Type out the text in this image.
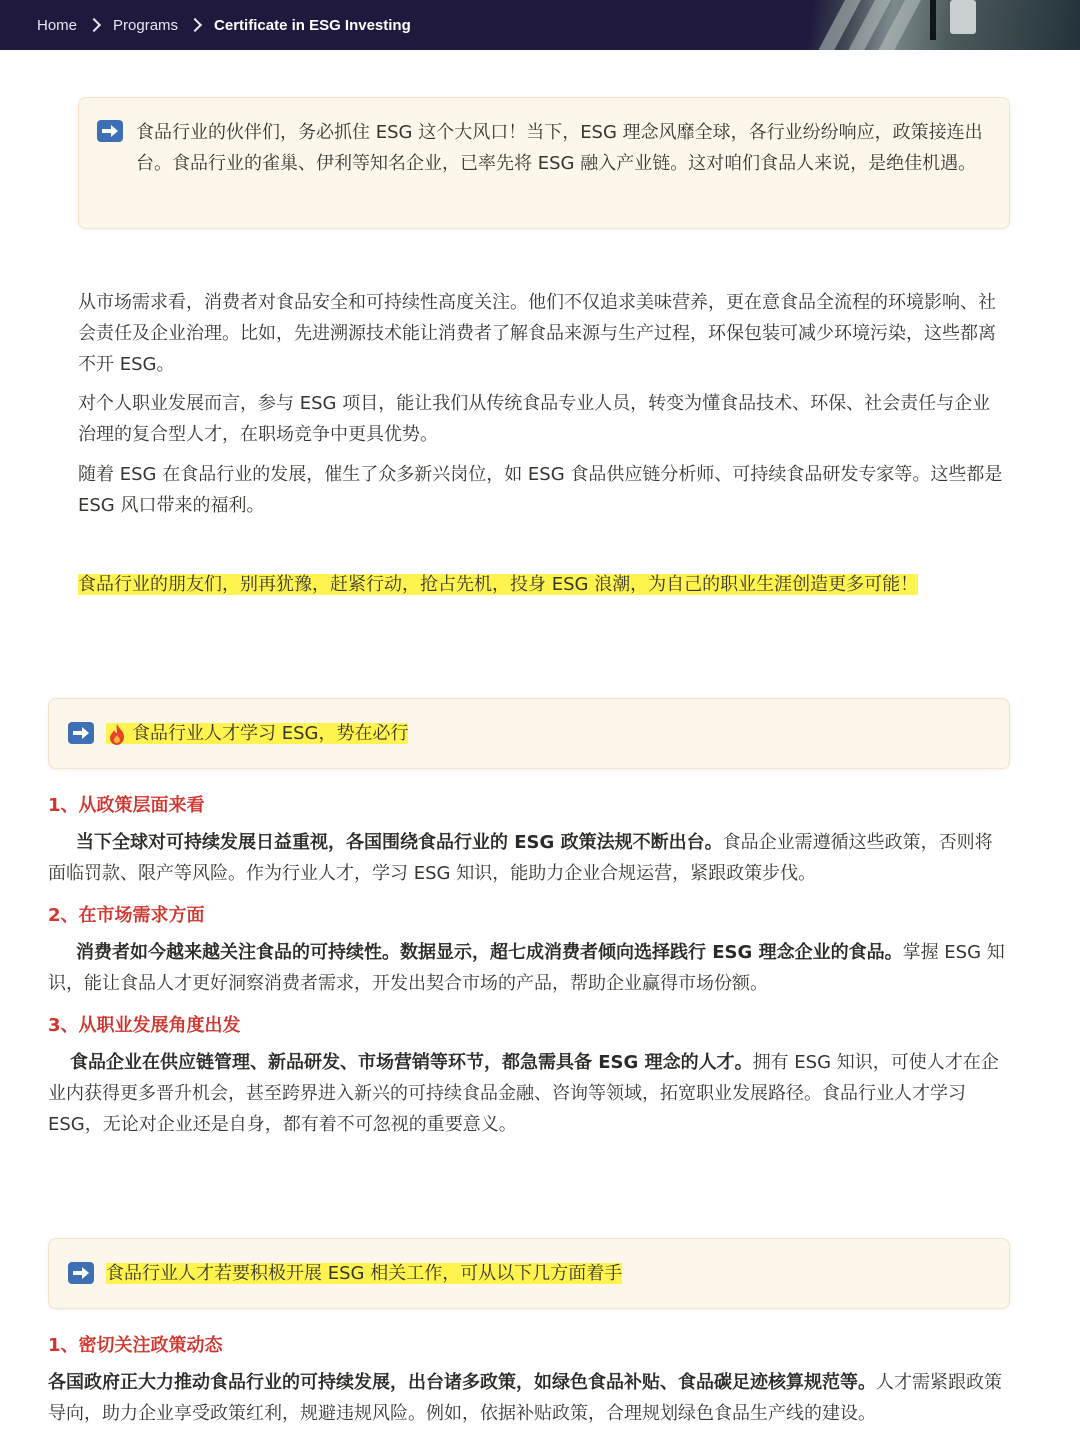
Home Programs Certificate in ESG Investing

食品行业的伙伴们，务必抓住 ESG 这个大风口！当下，ESG 理念风靡全球，各行业纷纷响应，政策接连出台。食品行业的雀巢、伊利等知名企业，已率先将 ESG 融入产业链。这对咱们食品人来说，是绝佳机遇。

从市场需求看，消费者对食品安全和可持续性高度关注。他们不仅追求美味营养，更在意食品全流程的环境影响、社会责任及企业治理。比如，先进溯源技术能让消费者了解食品来源与生产过程，环保包装可减少环境污染，这些都离不开 ESG。

对个人职业发展而言，参与 ESG 项目，能让我们从传统食品专业人员，转变为懂食品技术、环保、社会责任与企业治理的复合型人才，在职场竞争中更具优势。

随着 ESG 在食品行业的发展，催生了众多新兴岗位，如 ESG 食品供应链分析师、可持续食品研发专家等。这些都是 ESG 风口带来的福利。

食品行业的朋友们，别再犹豫，赶紧行动，抢占先机，投身 ESG 浪潮，为自己的职业生涯创造更多可能！

食品行业人才学习 ESG，势在必行
1、从政策层面来看

当下全球对可持续发展日益重视，各国围绕食品行业的 ESG 政策法规不断出台。食品企业需遵循这些政策，否则将面临罚款、限产等风险。作为行业人才，学习 ESG 知识，能助力企业合规运营，紧跟政策步伐。

2、在市场需求方面

消费者如今越来越关注食品的可持续性。数据显示，超七成消费者倾向选择践行 ESG 理念企业的食品。掌握 ESG 知识，能让食品人才更好洞察消费者需求，开发出契合市场的产品，帮助企业赢得市场份额。

3、从职业发展角度出发

食品企业在供应链管理、新品研发、市场营销等环节，都急需具备 ESG 理念的人才。拥有 ESG 知识，可使人才在企业内获得更多晋升机会，甚至跨界进入新兴的可持续食品金融、咨询等领域，拓宽职业发展路径。食品行业人才学习 ESG，无论对企业还是自身，都有着不可忽视的重要意义。

食品行业人才若要积极开展 ESG 相关工作，可从以下几方面着手
1、密切关注政策动态

各国政府正大力推动食品行业的可持续发展，出台诸多政策，如绿色食品补贴、食品碳足迹核算规范等。人才需紧跟政策导向，助力企业享受政策红利，规避违规风险。例如，依据补贴政策，合理规划绿色食品生产线的建设。
